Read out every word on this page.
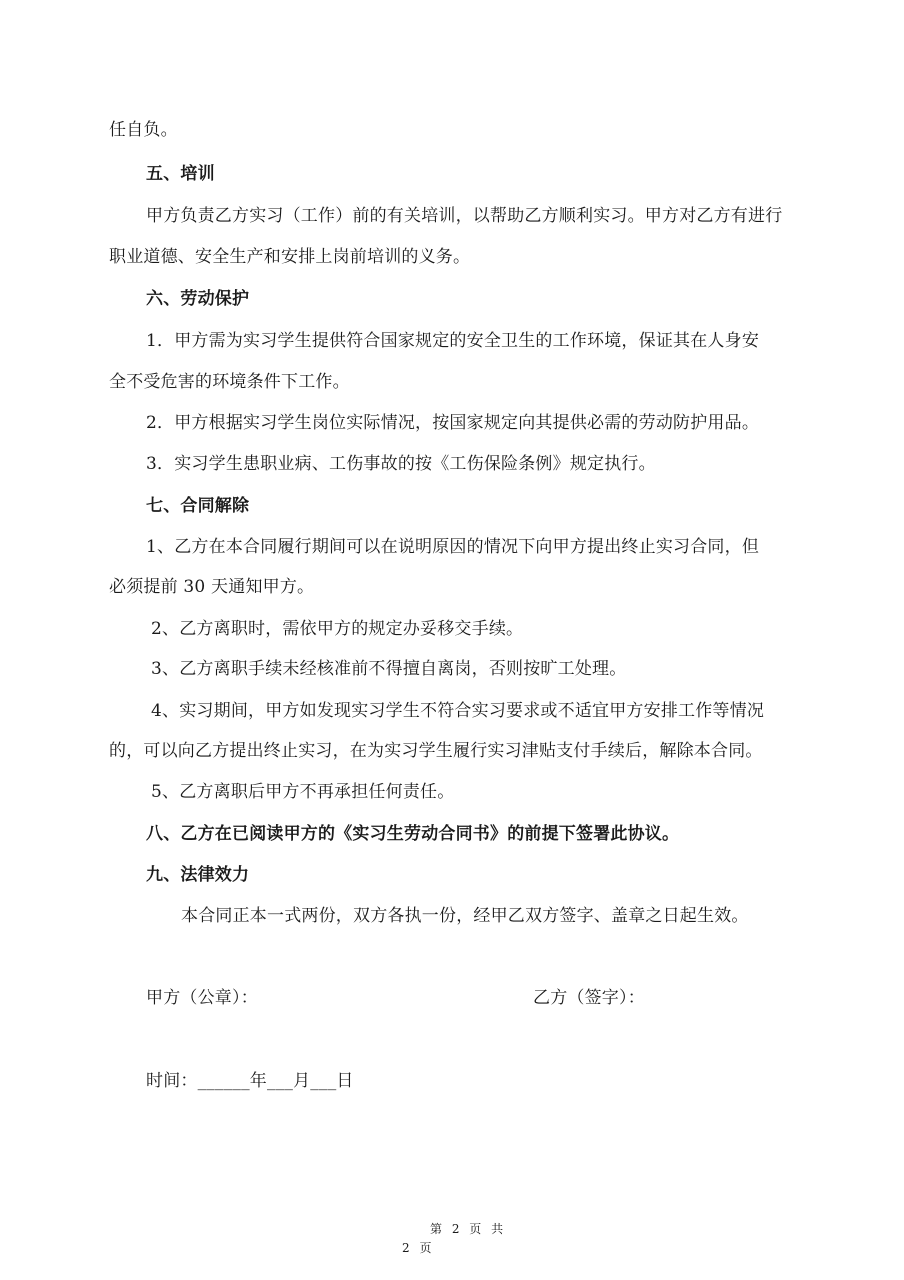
任自负。
五、培训
甲方负责乙方实习（工作）前的有关培训，以帮助乙方顺利实习。甲方对乙方有进行
职业道德、安全生产和安排上岗前培训的义务。
六、劳动保护
1．甲方需为实习学生提供符合国家规定的安全卫生的工作环境，保证其在人身安
全不受危害的环境条件下工作。
2．甲方根据实习学生岗位实际情况，按国家规定向其提供必需的劳动防护用品。
3．实习学生患职业病、工伤事故的按《工伤保险条例》规定执行。
七、合同解除
1、乙方在本合同履行期间可以在说明原因的情况下向甲方提出终止实习合同，但
必须提前 30 天通知甲方。
2、乙方离职时，需依甲方的规定办妥移交手续。
3、乙方离职手续未经核准前不得擅自离岗，否则按旷工处理。
4、实习期间，甲方如发现实习学生不符合实习要求或不适宜甲方安排工作等情况
的，可以向乙方提出终止实习，在为实习学生履行实习津贴支付手续后，解除本合同。
5、乙方离职后甲方不再承担任何责任。
八、乙方在已阅读甲方的《实习生劳动合同书》的前提下签署此协议。
九、法律效力
本合同正本一式两份，双方各执一份，经甲乙双方签字、盖章之日起生效。
甲方（公章）：	乙方（签字）：
时间：______年___月___日
第 2 页 共
2 页
